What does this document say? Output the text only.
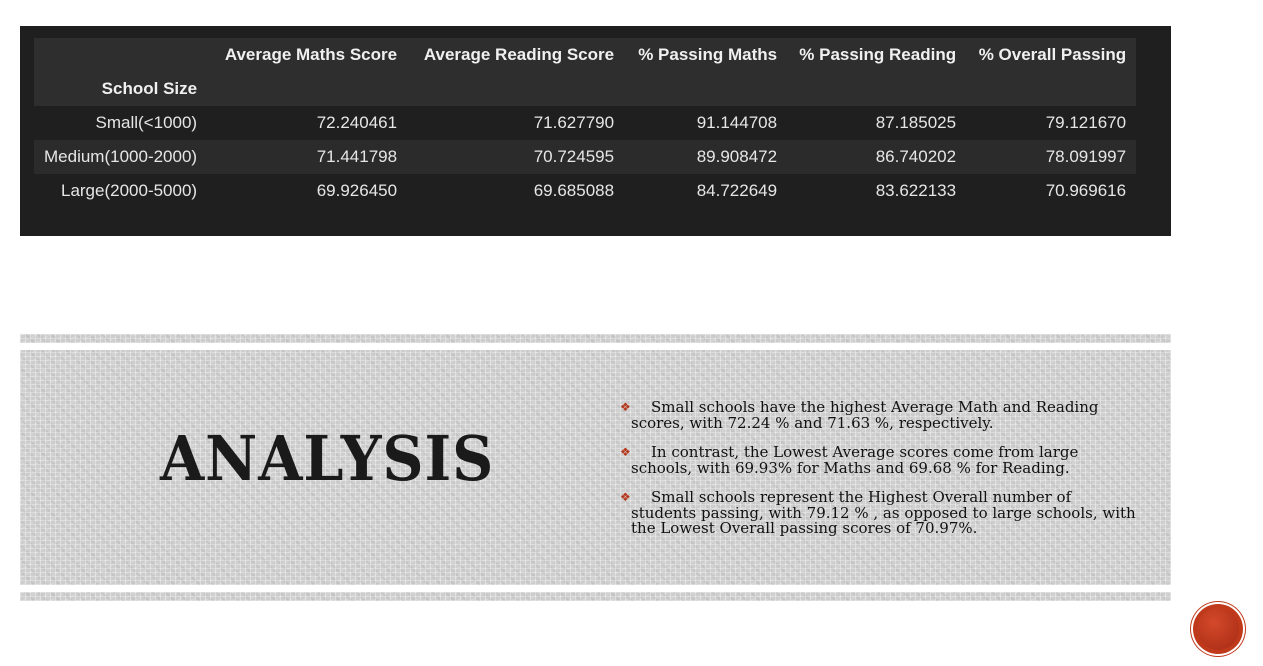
	Average Maths Score	Average Reading Score	% Passing Maths	% Passing Reading	% Overall Passing
School Size					
Small(<1000)	72.240461	71.627790	91.144708	87.185025	79.121670
Medium(1000-2000)	71.441798	70.724595	89.908472	86.740202	78.091997
Large(2000-5000)	69.926450	69.685088	84.722649	83.622133	70.969616
ANALYSIS
❖	Small schools have the highest Average Math and Reading scores, with 72.24 % and 71.63 %, respectively.
❖	In contrast, the Lowest Average scores come from large schools, with 69.93% for Maths and 69.68 % for Reading.
❖	Small schools represent the Highest Overall number of students passing, with 79.12 % , as opposed to large schools, with the Lowest Overall passing scores of 70.97%.
